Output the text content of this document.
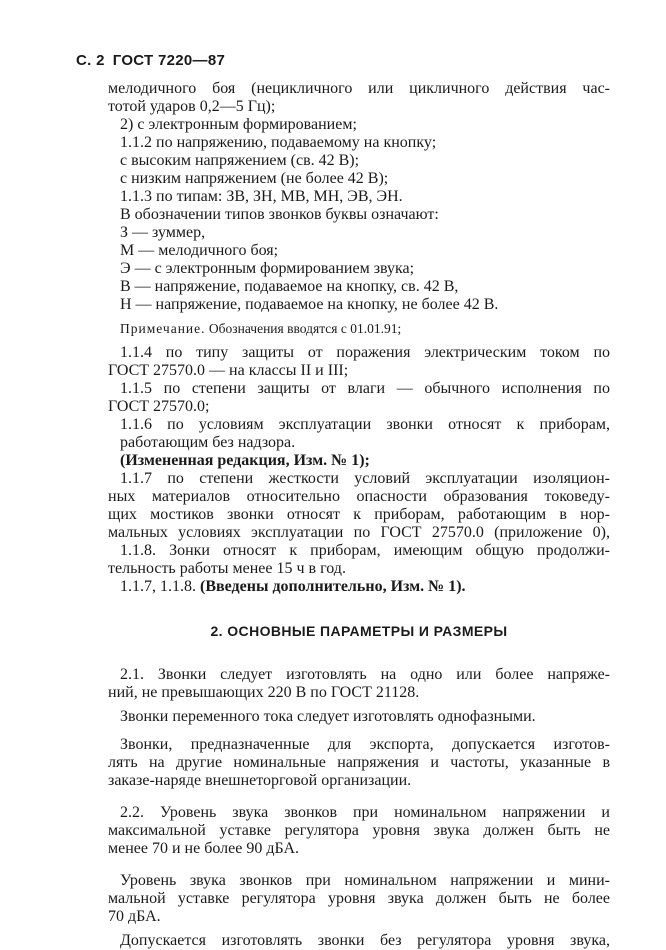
С. 2 ГОСТ 7220—87
мелодичного боя (нецикличного или цикличного действия час-
тотой ударов 0,2—5 Гц);
2) с электронным формированием;
1.1.2 по напряжению, подаваемому на кнопку;
с высоким напряжением (св. 42 В);
с низким напряжением (не более 42 В);
1.1.3 по типам: ЗВ, ЗН, МВ, МН, ЭВ, ЭН.
В обозначении типов звонков буквы означают:
З — зуммер,
М — мелодичного боя;
Э — с электронным формированием звука;
В — напряжение, подаваемое на кнопку, св. 42 В,
Н — напряжение, подаваемое на кнопку, не более 42 В.
Примечание. Обозначения вводятся с 01.01.91;
1.1.4 по типу защиты от поражения электрическим током по
ГОСТ 27570.0 — на классы II и III;
1.1.5 по степени защиты от влаги — обычного исполнения по
ГОСТ 27570.0;
1.1.6 по условиям эксплуатации звонки относят к приборам,
работающим без надзора.
(Измененная редакция, Изм. № 1);
1.1.7 по степени жесткости условий эксплуатации изоляцион-
ных материалов относительно опасности образования токоведу-
щих мостиков звонки относят к приборам, работающим в нор-
мальных условиях эксплуатации по ГОСТ 27570.0 (приложение 0),
1.1.8. Зонки относят к приборам, имеющим общую продолжи-
тельность работы менее 15 ч в год.
1.1.7, 1.1.8. (Введены дополнительно, Изм. № 1).
2. ОСНОВНЫЕ ПАРАМЕТРЫ И РАЗМЕРЫ
2.1. Звонки следует изготовлять на одно или более напряже-
ний, не превышающих 220 В по ГОСТ 21128.
Звонки переменного тока следует изготовлять однофазными.
Звонки, предназначенные для экспорта, допускается изготов-
лять на другие номинальные напряжения и частоты, указанные в
заказе-наряде внешнеторговой организации.
2.2. Уровень звука звонков при номинальном напряжении и
максимальной уставке регулятора уровня звука должен быть не
менее 70 и не более 90 дБА.
Уровень звука звонков при номинальном напряжении и мини-
мальной уставке регулятора уровня звука должен быть не более
70 дБА.
Допускается изготовлять звонки без регулятора уровня звука,
